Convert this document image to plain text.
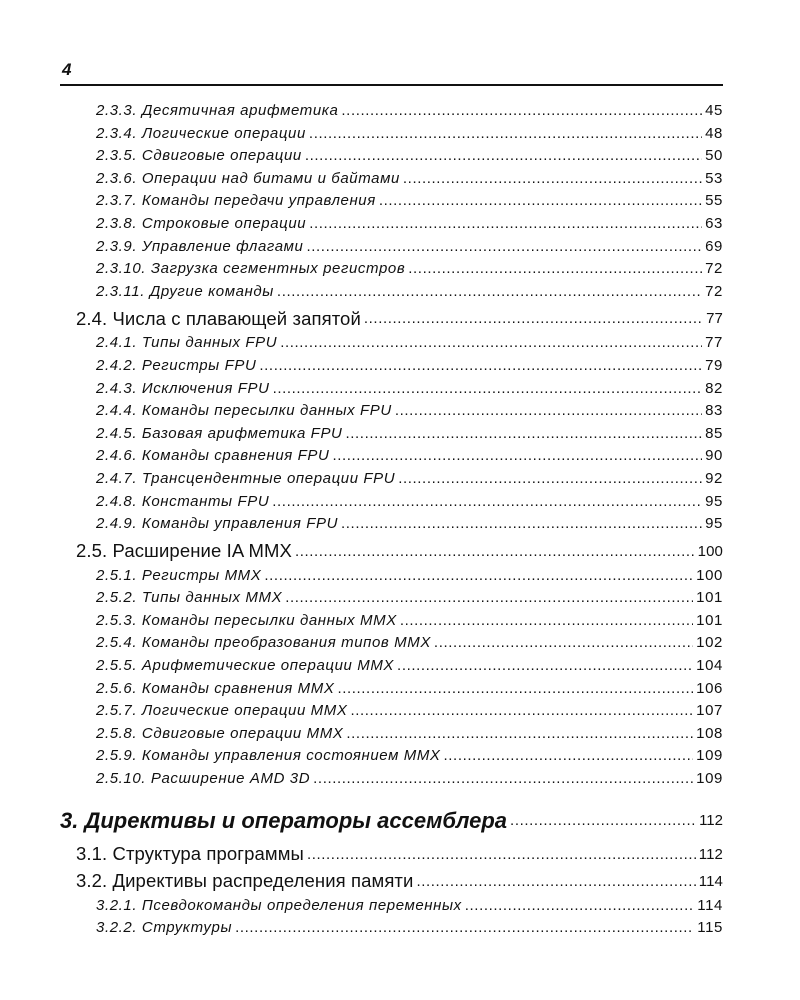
4
2.3.3. Десятичная арифметика .....	45
2.3.4. Логические операции .....	48
2.3.5. Сдвиговые операции .....	50
2.3.6. Операции над битами и байтами .....	53
2.3.7. Команды передачи управления .....	55
2.3.8. Строковые операции .....	63
2.3.9. Управление флагами .....	69
2.3.10. Загрузка сегментных регистров .....	72
2.3.11. Другие команды .....	72
2.4. Числа с плавающей запятой .....	77
2.4.1. Типы данных FPU .....	77
2.4.2. Регистры FPU .....	79
2.4.3. Исключения FPU .....	82
2.4.4. Команды пересылки данных FPU .....	83
2.4.5. Базовая арифметика FPU .....	85
2.4.6. Команды сравнения FPU .....	90
2.4.7. Трансцендентные операции FPU .....	92
2.4.8. Константы FPU .....	95
2.4.9. Команды управления FPU .....	95
2.5. Расширение IA MMX .....	100
2.5.1. Регистры MMX .....	100
2.5.2. Типы данных MMX .....	101
2.5.3. Команды пересылки данных MMX .....	101
2.5.4. Команды преобразования типов MMX .....	102
2.5.5. Арифметические операции MMX .....	104
2.5.6. Команды сравнения MMX .....	106
2.5.7. Логические операции MMX .....	107
2.5.8. Сдвиговые операции MMX .....	108
2.5.9. Команды управления состоянием MMX .....	109
2.5.10. Расширение AMD 3D .....	109
3. Директивы и операторы ассемблера .....	112
3.1. Структура программы .....	112
3.2. Директивы распределения памяти .....	114
3.2.1. Псевдокоманды определения переменных .....	114
3.2.2. Структуры .....	115
